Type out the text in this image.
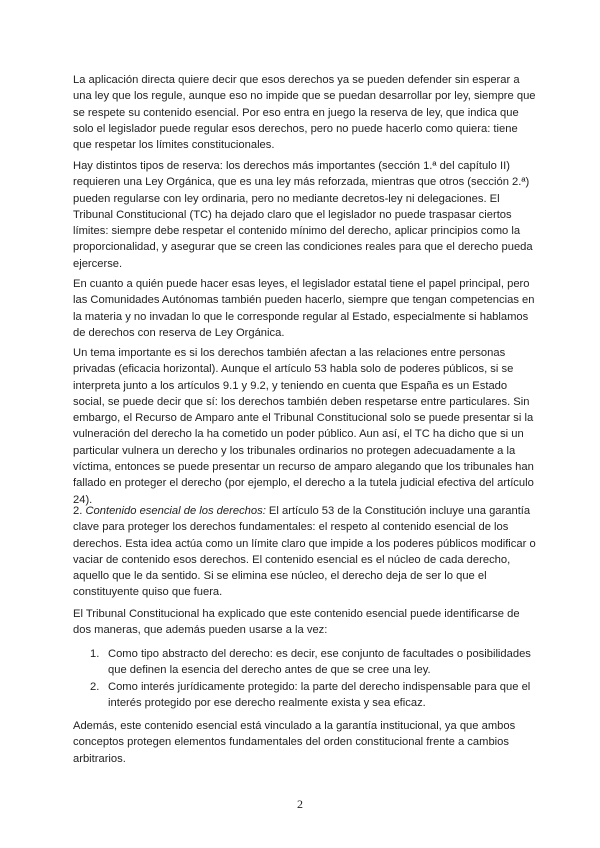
La aplicación directa quiere decir que esos derechos ya se pueden defender sin esperar a una ley que los regule, aunque eso no impide que se puedan desarrollar por ley, siempre que se respete su contenido esencial. Por eso entra en juego la reserva de ley, que indica que solo el legislador puede regular esos derechos, pero no puede hacerlo como quiera: tiene que respetar los límites constitucionales.

Hay distintos tipos de reserva: los derechos más importantes (sección 1.ª del capítulo II) requieren una Ley Orgánica, que es una ley más reforzada, mientras que otros (sección 2.ª) pueden regularse con ley ordinaria, pero no mediante decretos-ley ni delegaciones. El Tribunal Constitucional (TC) ha dejado claro que el legislador no puede traspasar ciertos límites: siempre debe respetar el contenido mínimo del derecho, aplicar principios como la proporcionalidad, y asegurar que se creen las condiciones reales para que el derecho pueda ejercerse.

En cuanto a quién puede hacer esas leyes, el legislador estatal tiene el papel principal, pero las Comunidades Autónomas también pueden hacerlo, siempre que tengan competencias en la materia y no invadan lo que le corresponde regular al Estado, especialmente si hablamos de derechos con reserva de Ley Orgánica.

Un tema importante es si los derechos también afectan a las relaciones entre personas privadas (eficacia horizontal). Aunque el artículo 53 habla solo de poderes públicos, si se interpreta junto a los artículos 9.1 y 9.2, y teniendo en cuenta que España es un Estado social, se puede decir que sí: los derechos también deben respetarse entre particulares. Sin embargo, el Recurso de Amparo ante el Tribunal Constitucional solo se puede presentar si la vulneración del derecho la ha cometido un poder público. Aun así, el TC ha dicho que si un particular vulnera un derecho y los tribunales ordinarios no protegen adecuadamente a la víctima, entonces se puede presentar un recurso de amparo alegando que los tribunales han fallado en proteger el derecho (por ejemplo, el derecho a la tutela judicial efectiva del artículo 24).

2. Contenido esencial de los derechos: El artículo 53 de la Constitución incluye una garantía clave para proteger los derechos fundamentales: el respeto al contenido esencial de los derechos. Esta idea actúa como un límite claro que impide a los poderes públicos modificar o vaciar de contenido esos derechos. El contenido esencial es el núcleo de cada derecho, aquello que le da sentido. Si se elimina ese núcleo, el derecho deja de ser lo que el constituyente quiso que fuera.

El Tribunal Constitucional ha explicado que este contenido esencial puede identificarse de dos maneras, que además pueden usarse a la vez:

1. Como tipo abstracto del derecho: es decir, ese conjunto de facultades o posibilidades que definen la esencia del derecho antes de que se cree una ley.
2. Como interés jurídicamente protegido: la parte del derecho indispensable para que el interés protegido por ese derecho realmente exista y sea eficaz.

Además, este contenido esencial está vinculado a la garantía institucional, ya que ambos conceptos protegen elementos fundamentales del orden constitucional frente a cambios arbitrarios.

2
